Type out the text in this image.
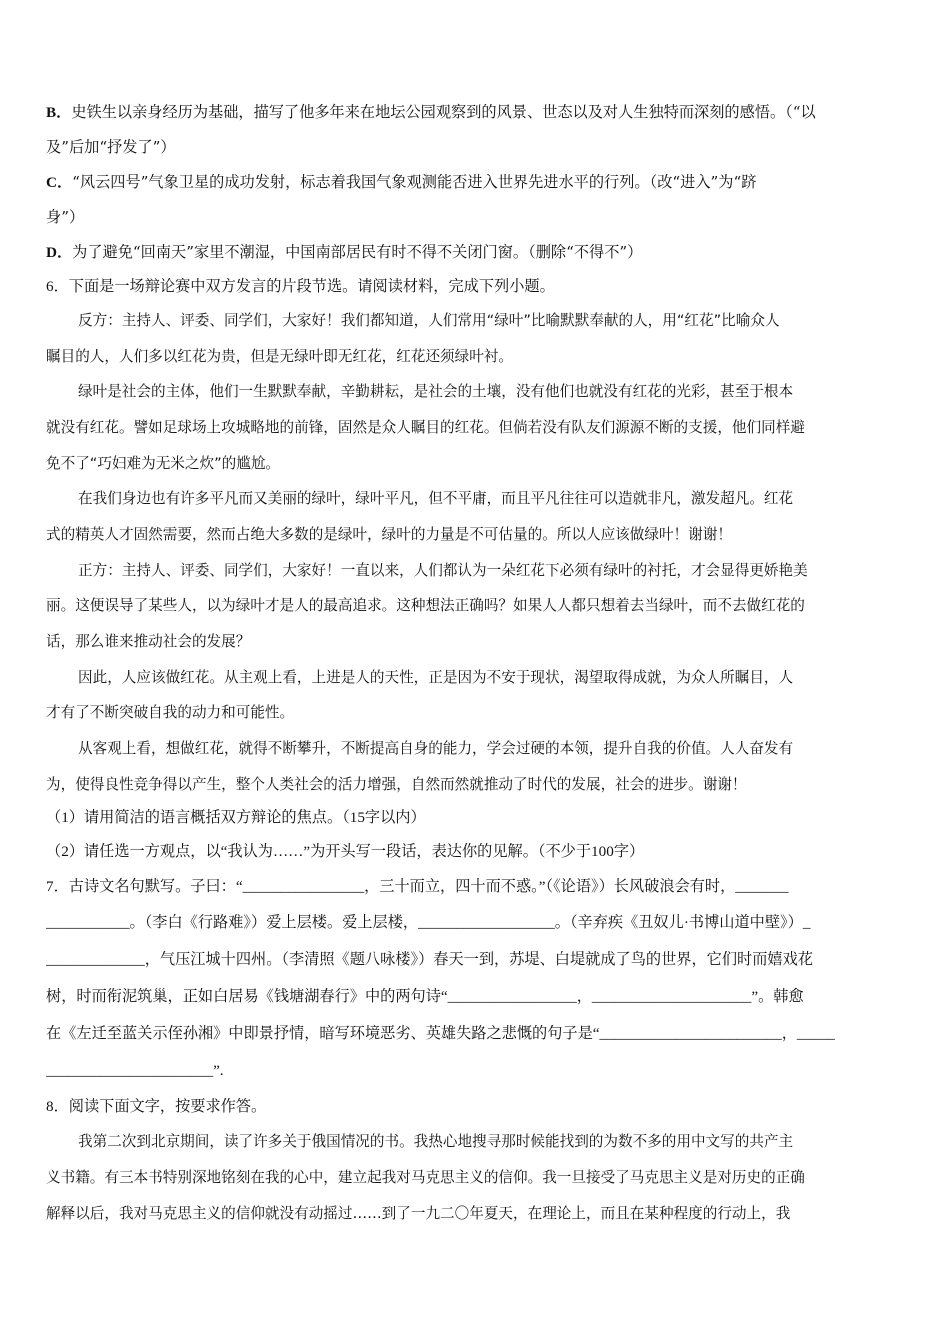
B．史铁生以亲身经历为基础，描写了他多年来在地坛公园观察到的风景、世态以及对人生独特而深刻的感悟。（“以
及”后加“抒发了”）
C．“风云四号”气象卫星的成功发射，标志着我国气象观测能否进入世界先进水平的行列。（改“进入”为“跻
身”）
D．为了避免“回南天”家里不潮湿，中国南部居民有时不得不关闭门窗。（删除“不得不”）
6．下面是一场辩论赛中双方发言的片段节选。请阅读材料，完成下列小题。
反方：主持人、评委、同学们，大家好！我们都知道，人们常用“绿叶”比喻默默奉献的人，用“红花”比喻众人
瞩目的人，人们多以红花为贵，但是无绿叶即无红花，红花还须绿叶衬。
绿叶是社会的主体，他们一生默默奉献，辛勤耕耘，是社会的土壤，没有他们也就没有红花的光彩，甚至于根本
就没有红花。譬如足球场上攻城略地的前锋，固然是众人瞩目的红花。但倘若没有队友们源源不断的支援，他们同样避
免不了“巧妇难为无米之炊”的尴尬。
在我们身边也有许多平凡而又美丽的绿叶，绿叶平凡，但不平庸，而且平凡往往可以造就非凡，激发超凡。红花
式的精英人才固然需要，然而占绝大多数的是绿叶，绿叶的力量是不可估量的。所以人应该做绿叶！谢谢！
正方：主持人、评委、同学们，大家好！一直以来，人们都认为一朵红花下必须有绿叶的衬托，才会显得更娇艳美
丽。这便误导了某些人，以为绿叶才是人的最高追求。这种想法正确吗？如果人人都只想着去当绿叶，而不去做红花的
话，那么谁来推动社会的发展？
因此，人应该做红花。从主观上看，上进是人的天性，正是因为不安于现状，渴望取得成就，为众人所瞩目，人
才有了不断突破自我的动力和可能性。
从客观上看，想做红花，就得不断攀升，不断提高自身的能力，学会过硬的本领，提升自我的价值。人人奋发有
为，使得良性竞争得以产生，整个人类社会的活力增强，自然而然就推动了时代的发展，社会的进步。谢谢！
（1）请用简洁的语言概括双方辩论的焦点。（15字以内）
（2）请任选一方观点，以“我认为……”为开头写一段话，表达你的见解。（不少于100字）
7．古诗文名句默写。子曰：“________________，三十而立，四十而不惑。”（《论语》）长风破浪会有时，_______
___________。（李白《行路难》）爱上层楼。爱上层楼，__________________。（辛弃疾《丑奴儿·书博山道中壁》）_
_____________，气压江城十四州。（李清照《题八咏楼》）春天一到，苏堤、白堤就成了鸟的世界，它们时而嬉戏花
树，时而衔泥筑巢，正如白居易《钱塘湖春行》中的两句诗“_________________，_____________________”。韩愈
在《左迁至蓝关示侄孙湘》中即景抒情，暗写环境恶劣、英雄失路之悲慨的句子是“________________________，_____
______________________”.
8．阅读下面文字，按要求作答。
我第二次到北京期间，读了许多关于俄国情况的书。我热心地搜寻那时候能找到的为数不多的用中文写的共产主
义书籍。有三本书特别深地铭刻在我的心中，建立起我对马克思主义的信仰。我一旦接受了马克思主义是对历史的正确
解释以后，我对马克思主义的信仰就没有动摇过……到了一九二〇年夏天，在理论上，而且在某种程度的行动上，我
